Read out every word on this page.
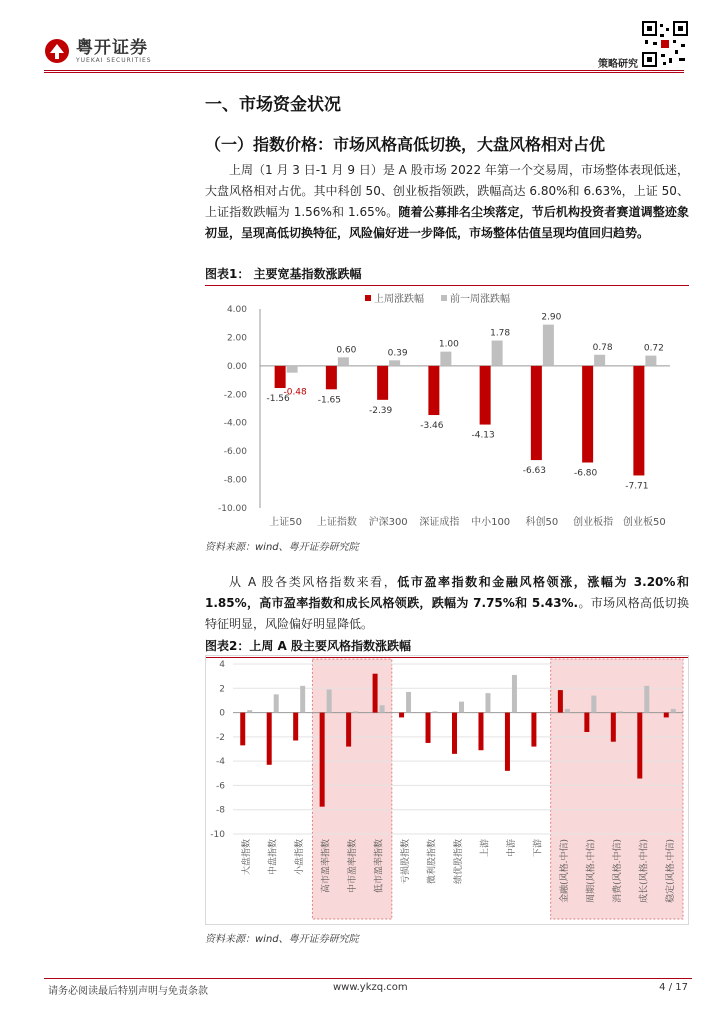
粤开证券
YUEKAI SECURITIES	策略研究
一、市场资金状况
（一）指数价格：市场风格高低切换，大盘风格相对占优
上周（1 月 3 日-1 月 9 日）是 A 股市场 2022 年第一个交易周，市场整体表现低迷，大盘风格相对占优。其中科创 50、创业板指领跌，跌幅高达 6.80%和 6.63%，上证 50、上证指数跌幅为 1.56%和 1.65%。随着公募排名尘埃落定，节后机构投资者赛道调整迹象初显，呈现高低切换特征，风险偏好进一步降低，市场整体估值呈现均值回归趋势。
图表1： 主要宽基指数涨跌幅
上周涨跌幅	前一周涨跌幅
4.00
2.00
0.00
-2.00
-4.00
-6.00
-8.00
-10.00
-1.56
-0.48
-1.65
0.60
-2.39
0.39
-3.46
1.00
-4.13
1.78
-6.63
2.90
-6.80
0.78
-7.71
0.72
上证50 上证指数 沪深300 深证成指 中小100 科创50 创业板指 创业板50
资料来源：wind、粤开证券研究院
从 A 股各类风格指数来看，低市盈率指数和金融风格领涨，涨幅为 3.20%和 1.85%，高市盈率指数和成长风格领跌，跌幅为 7.75%和 5.43%.。市场风格高低切换特征明显，风险偏好明显降低。
图表2：上周 A 股主要风格指数涨跌幅
4
2
0
-2
-4
-6
-8
-10
大盘指数 中盘指数 小盘指数 高市盈率指数 中市盈率指数 低市盈率指数 亏损股指数 微利股指数 绩优股指数 上游 中游 下游 金融(风格.中信) 周期(风格.中信) 消费(风格.中信) 成长(风格.中信) 稳定(风格.中信)
资料来源：wind、粤开证券研究院
请务必阅读最后特别声明与免责条款	www.ykzq.com	4 / 17
